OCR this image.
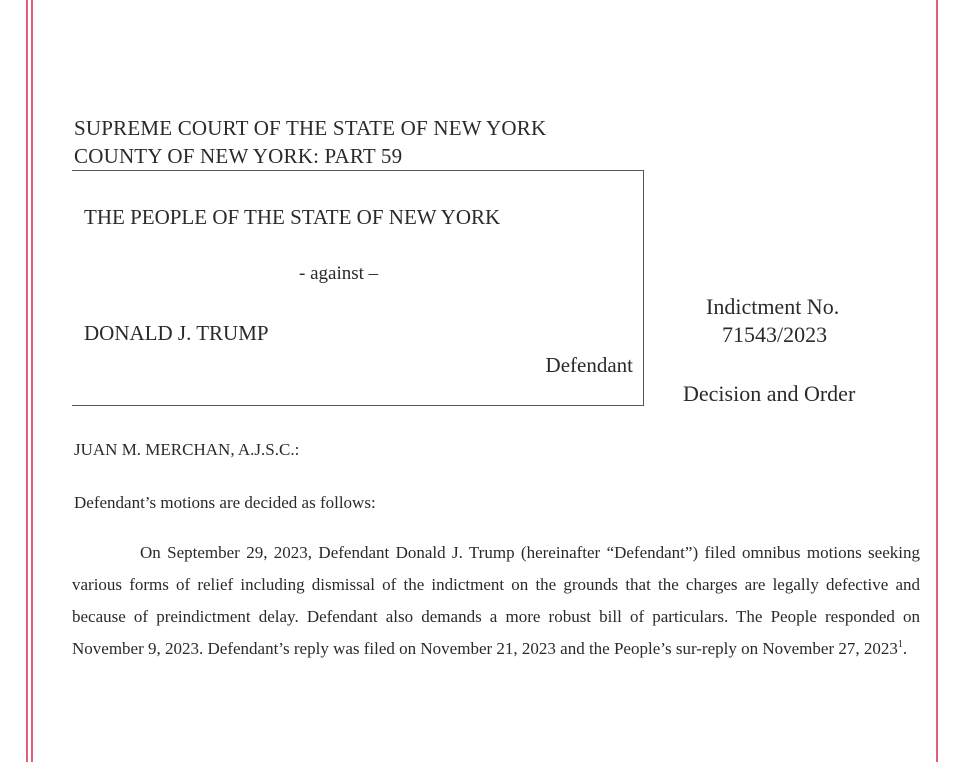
SUPREME COURT OF THE STATE OF NEW YORK
COUNTY OF NEW YORK: PART 59
THE PEOPLE OF THE STATE OF NEW YORK
- against –
DONALD J. TRUMP
Defendant
Indictment No.
71543/2023
Decision and Order
JUAN M. MERCHAN, A.J.S.C.:
Defendant’s motions are decided as follows:

On September 29, 2023, Defendant Donald J. Trump (hereinafter “Defendant”) filed omnibus motions seeking various forms of relief including dismissal of the indictment on the grounds that the charges are legally defective and because of preindictment delay. Defendant also demands a more robust bill of particulars. The People responded on November 9, 2023. Defendant’s reply was filed on November 21, 2023 and the People’s sur-reply on November 27, 2023$^1$.
